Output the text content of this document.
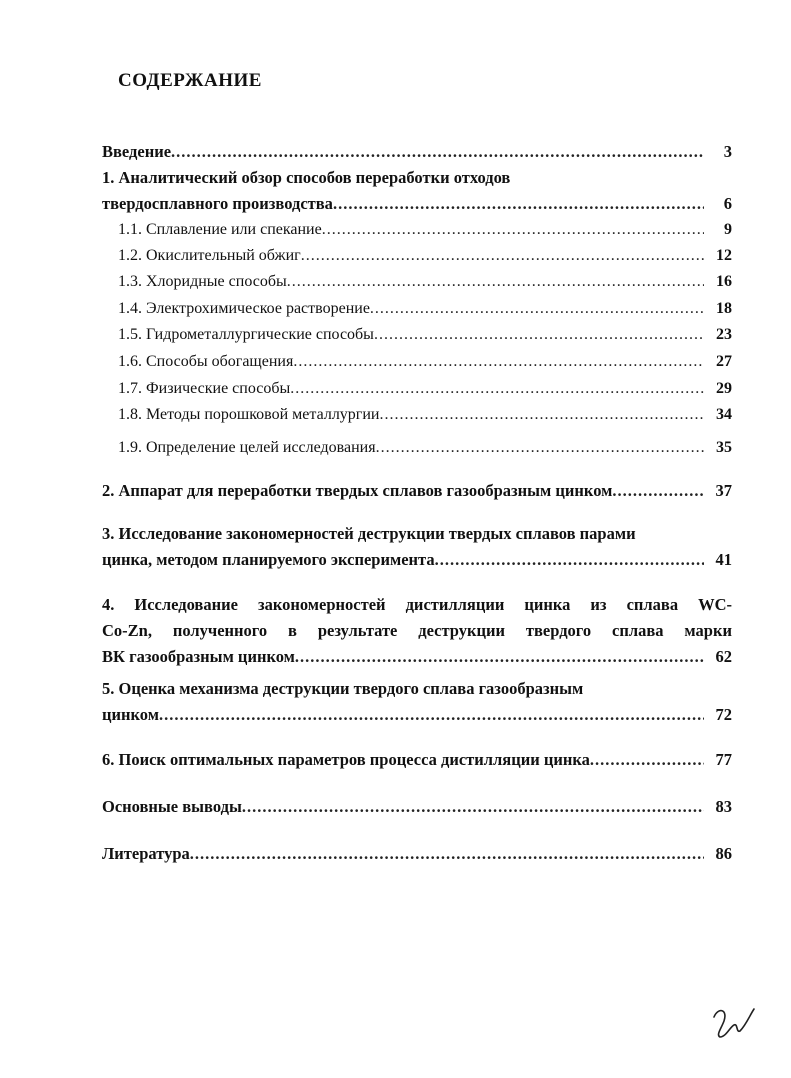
СОДЕРЖАНИЕ
Введение .....	3
1. Аналитический обзор способов переработки отходов
твердосплавного производства .....	6
1.1. Сплавление или спекание .....	9
1.2. Окислительный обжиг .....	12
1.3. Хлоридные способы .....	16
1.4. Электрохимическое растворение .....	18
1.5. Гидрометаллургические способы .....	23
1.6. Способы обогащения .....	27
1.7. Физические способы .....	29
1.8. Методы порошковой металлургии .....	34
1.9. Определение целей исследования .....	35
2. Аппарат для переработки твердых сплавов газообразным цинком .....	37
3. Исследование закономерностей деструкции твердых сплавов парами
цинка, методом планируемого эксперимента .....	41
4. Исследование закономерностей дистилляции цинка из сплава WC-
Co-Zn, полученного в результате деструкции твердого сплава марки
ВК газообразным цинком .....	62
5. Оценка механизма деструкции твердого сплава газообразным
цинком .....	72
6. Поиск оптимальных параметров процесса дистилляции цинка .....	77
Основные выводы .....	83
Литература .....	86
